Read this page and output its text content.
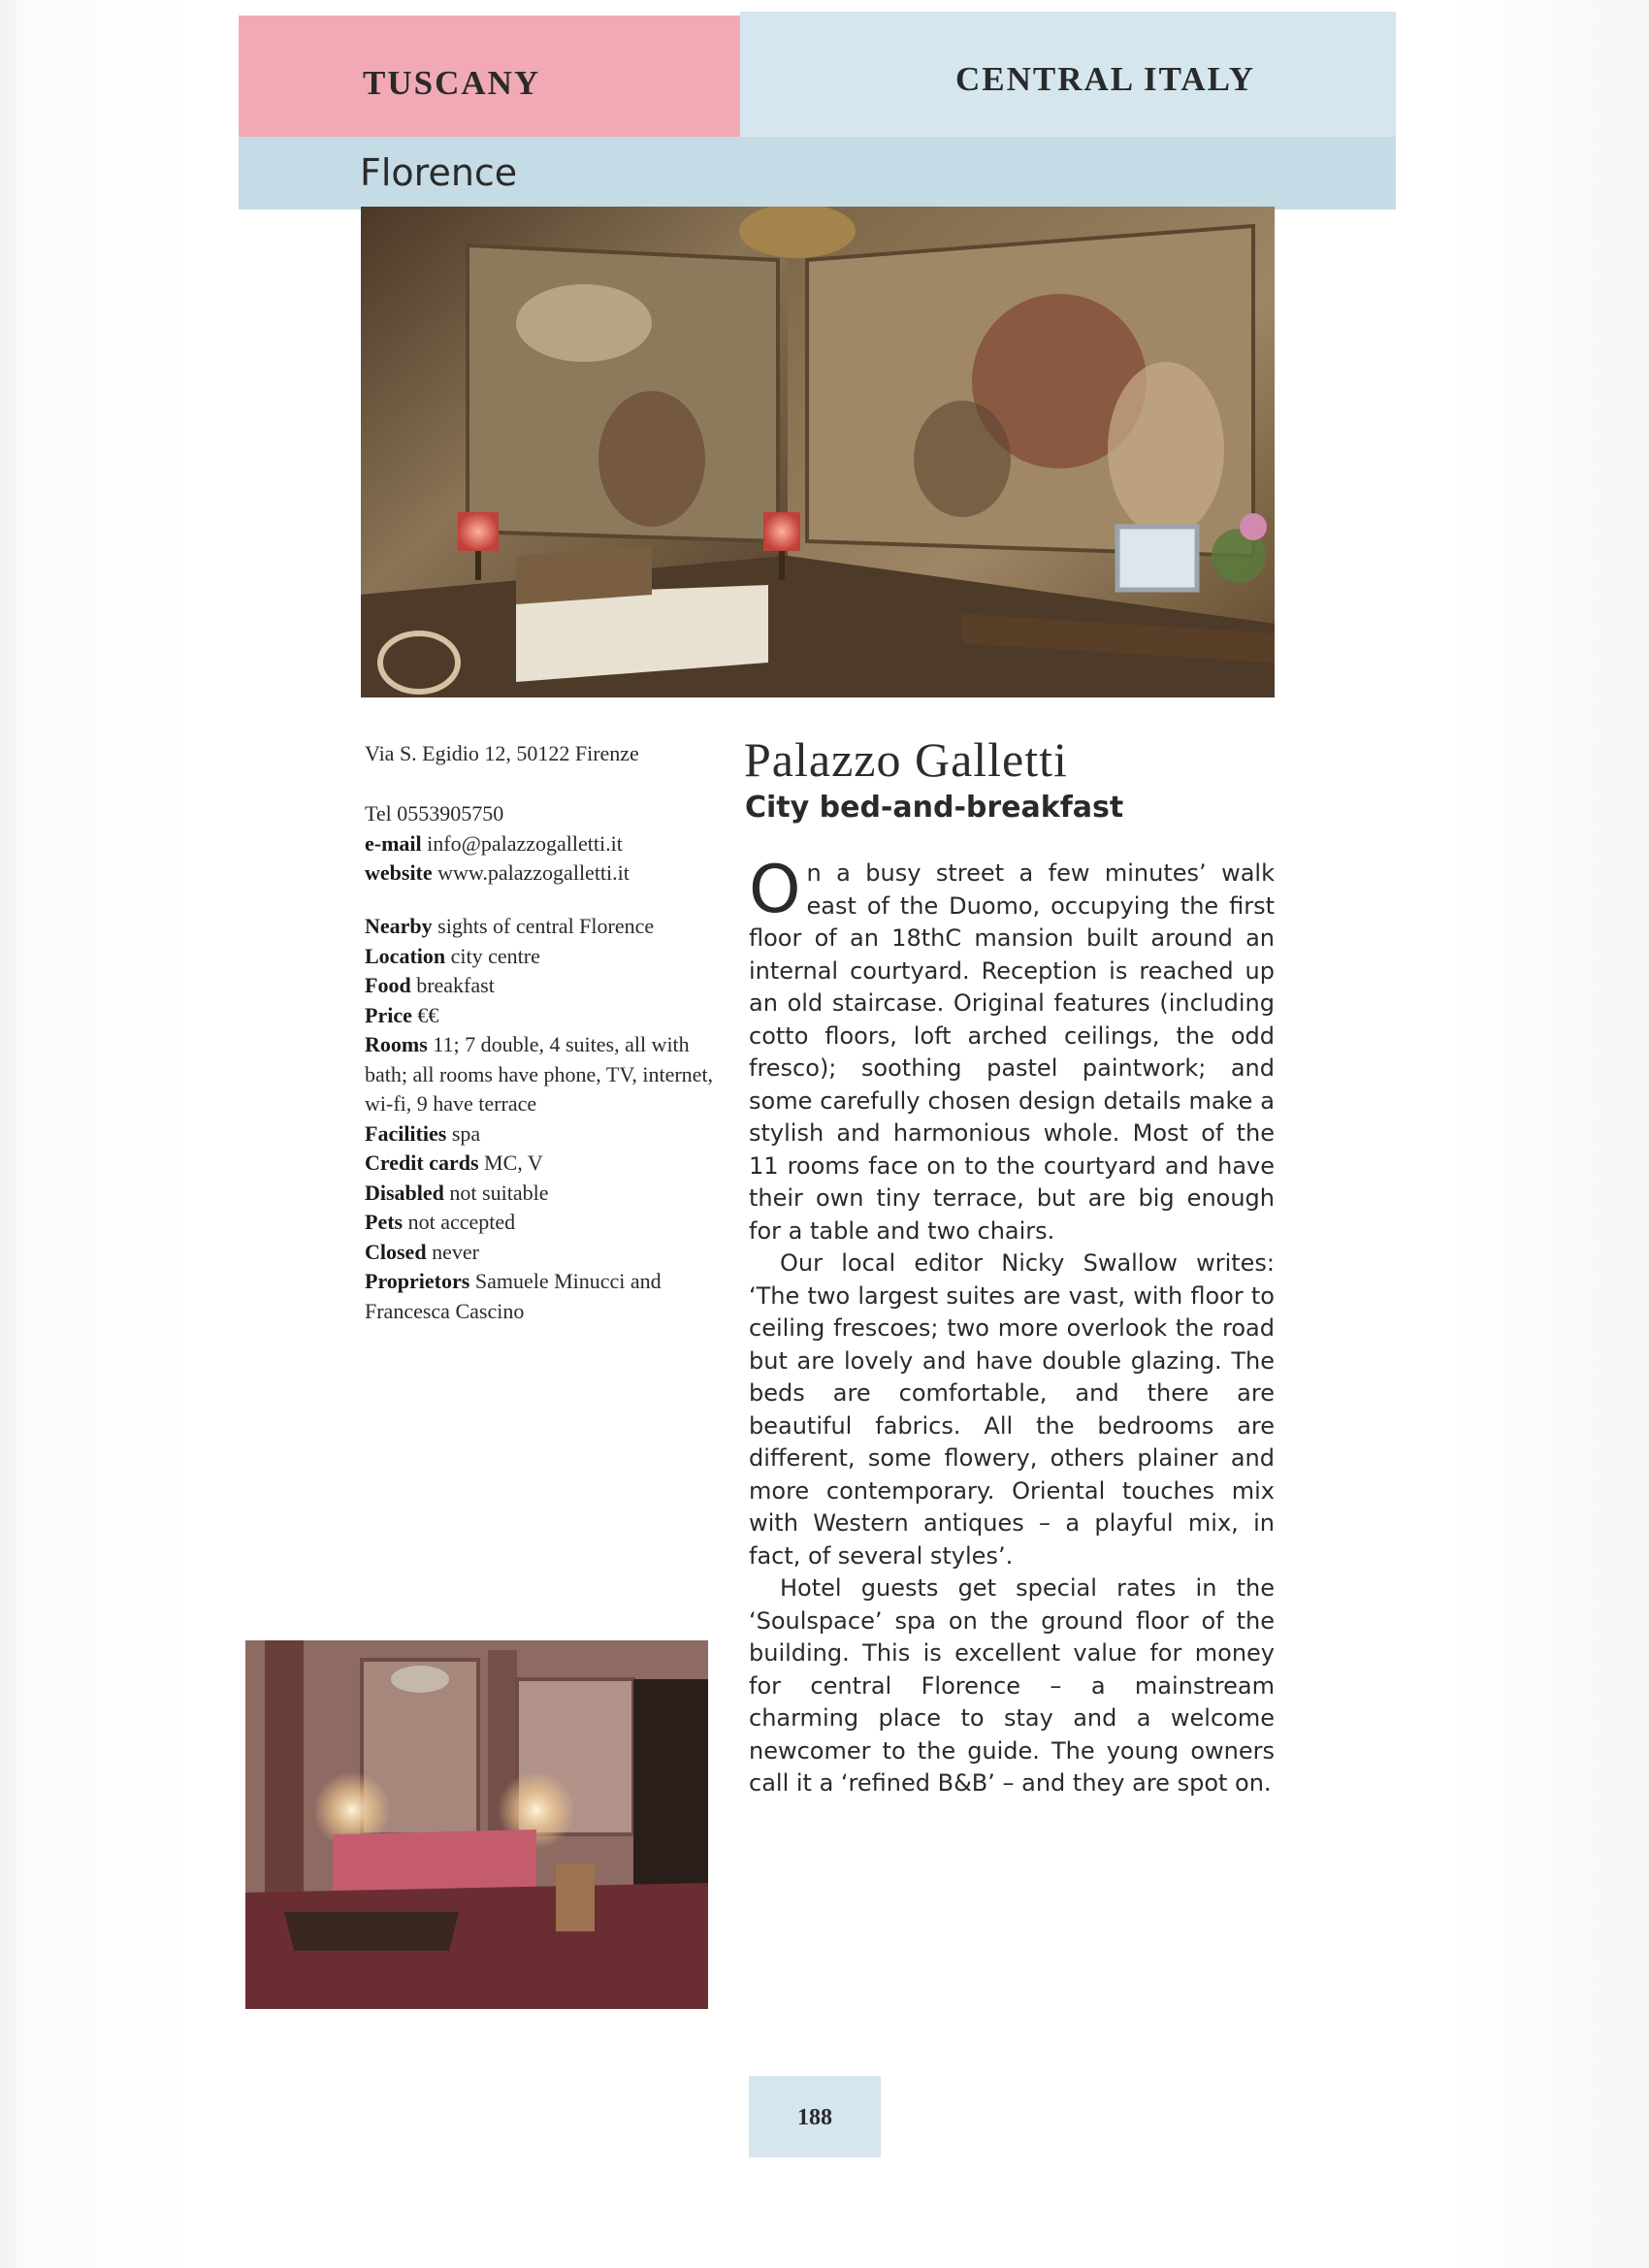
TUSCANY	CENTRAL ITALY
Florence
Via S. Egidio 12, 50122 Firenze
Tel 0553905750
e-mail info@palazzogalletti.it
website www.palazzogalletti.it
Nearby sights of central Florence
Location city centre
Food breakfast
Price €€
Rooms 11; 7 double, 4 suites, all with bath; all rooms have phone, TV, internet, wi-fi, 9 have terrace
Facilities spa
Credit cards MC, V
Disabled not suitable
Pets not accepted
Closed never
Proprietors Samuele Minucci and Francesca Cascino
Palazzo Galletti
City bed-and-breakfast

On a busy street a few minutes’ walk east of the Duomo, occupying the first floor of an 18thC mansion built around an internal courtyard. Reception is reached up an old staircase. Original features (including cotto floors, loft arched ceilings, the odd fresco); soothing pastel paintwork; and some carefully chosen design details make a stylish and harmonious whole. Most of the 11 rooms face on to the courtyard and have their own tiny terrace, but are big enough for a table and two chairs.

Our local editor Nicky Swallow writes: ‘The two largest suites are vast, with floor to ceiling frescoes; two more overlook the road but are lovely and have double glazing. The beds are comfortable, and there are beautiful fabrics. All the bedrooms are different, some flowery, others plainer and more contemporary. Oriental touches mix with Western antiques – a playful mix, in fact, of several styles’.

Hotel guests get special rates in the ‘Soulspace’ spa on the ground floor of the building. This is excellent value for money for central Florence – a mainstream charming place to stay and a welcome newcomer to the guide. The young owners call it a ‘refined B&B’ – and they are spot on.

188
